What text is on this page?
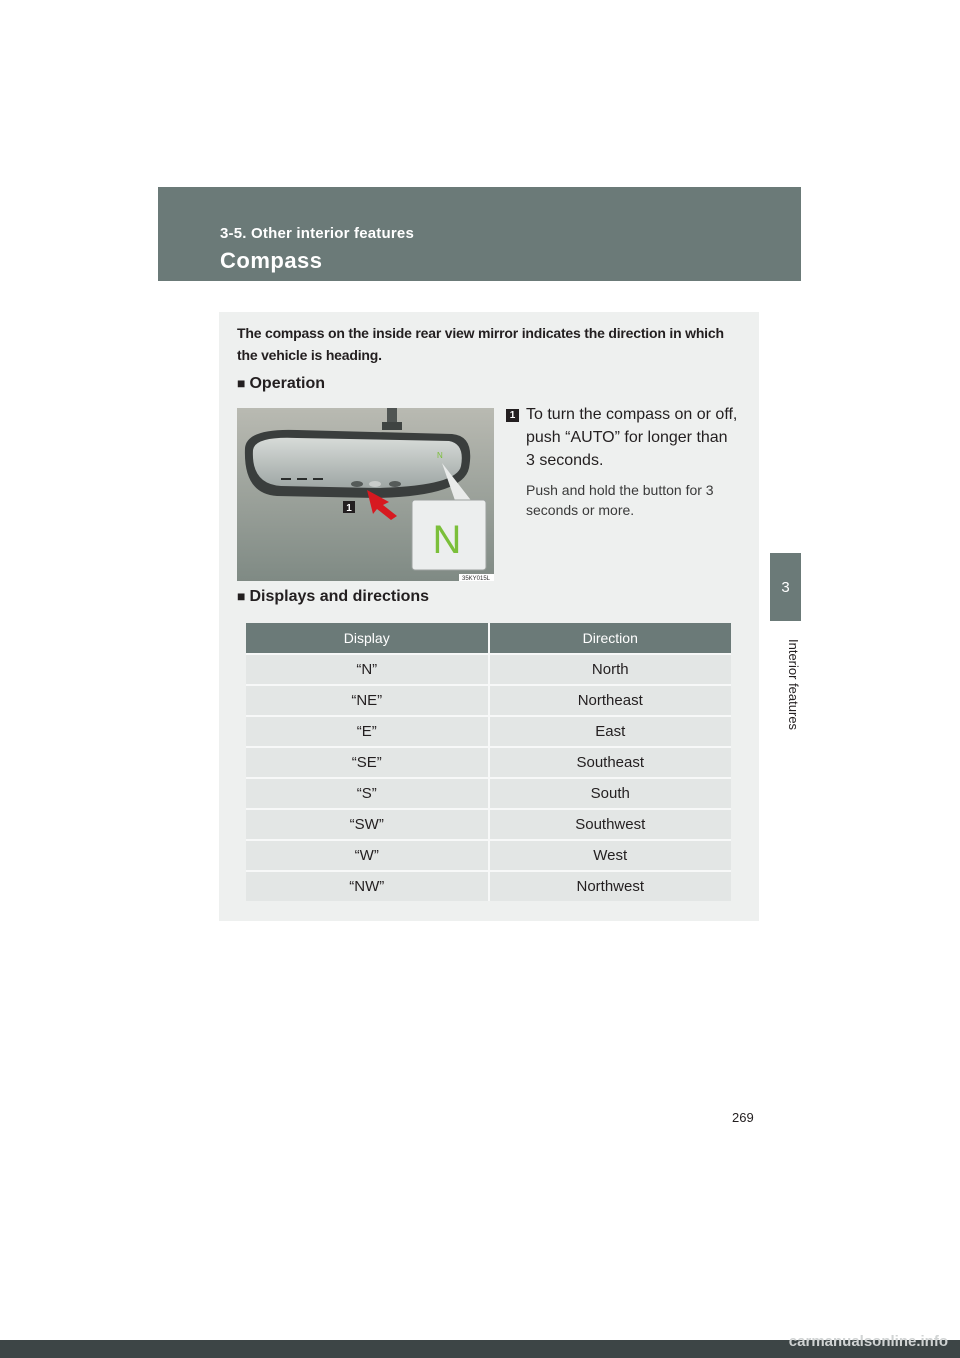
3-5. Other interior features
Compass
3
Interior features
The compass on the inside rear view mirror indicates the direction in which the vehicle is heading.
■ Operation
N
1
N
35KY015L
1 To turn the compass on or off, push “AUTO” for longer than 3 seconds.
Push and hold the button for 3 seconds or more.
■ Displays and directions
Display	Direction
“N”	North
“NE”	Northeast
“E”	East
“SE”	Southeast
“S”	South
“SW”	Southwest
“W”	West
“NW”	Northwest
269
carmanualsonline.info
